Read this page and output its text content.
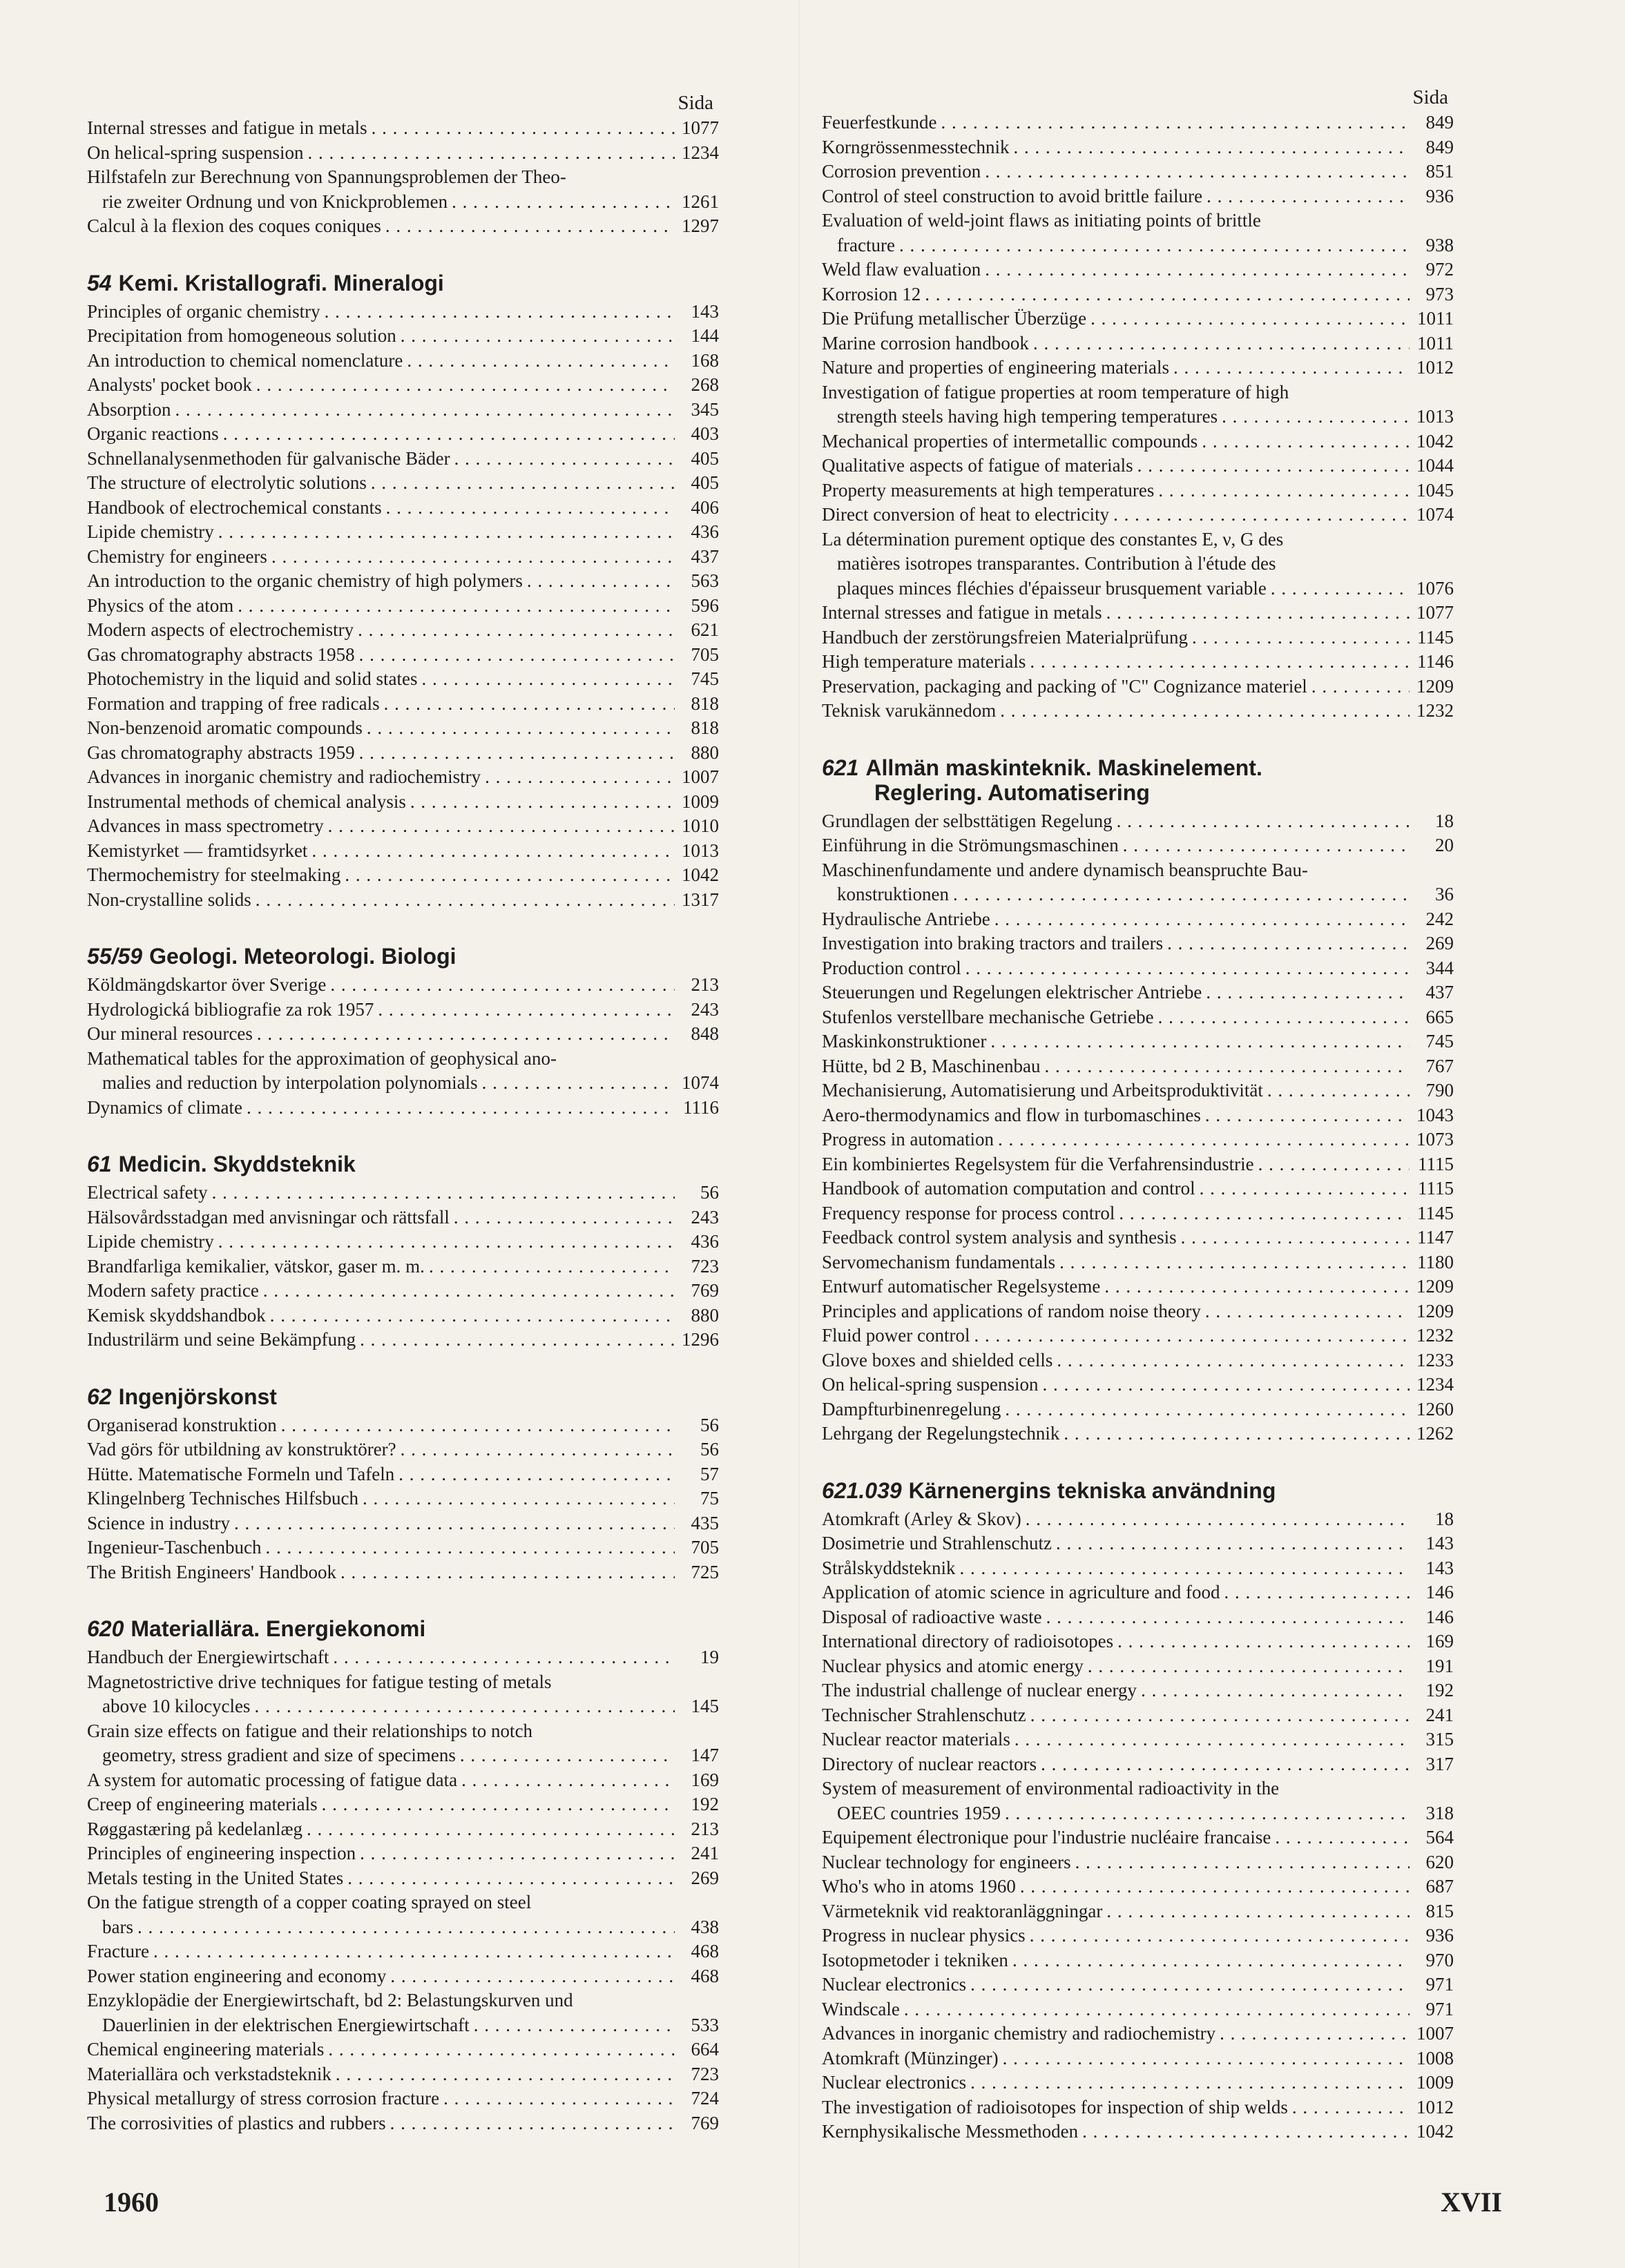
Sida
Internal stresses and fatigue in metals . . .	1077
On helical-spring suspension . . .	1234
Hilfstafeln zur Berechnung von Spannungsproblemen der Theo-
rie zweiter Ordnung und von Knickproblemen . . .	1261
Calcul à la flexion des coques coniques . . .	1297
54 Kemi. Kristallografi. Mineralogi
Principles of organic chemistry . . .	143
Precipitation from homogeneous solution . . .	144
An introduction to chemical nomenclature . . .	168
Analysts' pocket book . . .	268
Absorption . . .	345
Organic reactions . . .	403
Schnellanalysenmethoden für galvanische Bäder . . .	405
The structure of electrolytic solutions . . .	405
Handbook of electrochemical constants . . .	406
Lipide chemistry . . .	436
Chemistry for engineers . . .	437
An introduction to the organic chemistry of high polymers . . .	563
Physics of the atom . . .	596
Modern aspects of electrochemistry . . .	621
Gas chromatography abstracts 1958 . . .	705
Photochemistry in the liquid and solid states . . .	745
Formation and trapping of free radicals . . .	818
Non-benzenoid aromatic compounds . . .	818
Gas chromatography abstracts 1959 . . .	880
Advances in inorganic chemistry and radiochemistry . . .	1007
Instrumental methods of chemical analysis . . .	1009
Advances in mass spectrometry . . .	1010
Kemistyrket — framtidsyrket . . .	1013
Thermochemistry for steelmaking . . .	1042
Non-crystalline solids . . .	1317
55/59 Geologi. Meteorologi. Biologi
Köldmängdskartor över Sverige . . .	213
Hydrologická bibliografie za rok 1957 . . .	243
Our mineral resources . . .	848
Mathematical tables for the approximation of geophysical ano-
malies and reduction by interpolation polynomials . . .	1074
Dynamics of climate . . .	1116
61 Medicin. Skyddsteknik
Electrical safety . . .	56
Hälsovårdsstadgan med anvisningar och rättsfall . . .	243
Lipide chemistry . . .	436
Brandfarliga kemikalier, vätskor, gaser m. m. . . .	723
Modern safety practice . . .	769
Kemisk skyddshandbok . . .	880
Industrilärm und seine Bekämpfung . . .	1296
62 Ingenjörskonst
Organiserad konstruktion . . .	56
Vad görs för utbildning av konstruktörer? . . .	56
Hütte. Matematische Formeln und Tafeln . . .	57
Klingelnberg Technisches Hilfsbuch . . .	75
Science in industry . . .	435
Ingenieur-Taschenbuch . . .	705
The British Engineers' Handbook . . .	725
620 Materiallära. Energiekonomi
Handbuch der Energiewirtschaft . . .	19
Magnetostrictive drive techniques for fatigue testing of metals
above 10 kilocycles . . .	145
Grain size effects on fatigue and their relationships to notch
geometry, stress gradient and size of specimens . . .	147
A system for automatic processing of fatigue data . . .	169
Creep of engineering materials . . .	192
Røggastæring på kedelanlæg . . .	213
Principles of engineering inspection . . .	241
Metals testing in the United States . . .	269
On the fatigue strength of a copper coating sprayed on steel
bars . . .	438
Fracture . . .	468
Power station engineering and economy . . .	468
Enzyklopädie der Energiewirtschaft, bd 2: Belastungskurven und
Dauerlinien in der elektrischen Energiewirtschaft . . .	533
Chemical engineering materials . . .	664
Materiallära och verkstadsteknik . . .	723
Physical metallurgy of stress corrosion fracture . . .	724
The corrosivities of plastics and rubbers . . .	769
Sida
Feuerfestkunde . . .	849
Korngrössenmesstechnik . . .	849
Corrosion prevention . . .	851
Control of steel construction to avoid brittle failure . . .	936
Evaluation of weld-joint flaws as initiating points of brittle
fracture . . .	938
Weld flaw evaluation . . .	972
Korrosion 12 . . .	973
Die Prüfung metallischer Überzüge . . .	1011
Marine corrosion handbook . . .	1011
Nature and properties of engineering materials . . .	1012
Investigation of fatigue properties at room temperature of high
strength steels having high tempering temperatures . . .	1013
Mechanical properties of intermetallic compounds . . .	1042
Qualitative aspects of fatigue of materials . . .	1044
Property measurements at high temperatures . . .	1045
Direct conversion of heat to electricity . . .	1074
La détermination purement optique des constantes E, ν, G des
matières isotropes transparantes. Contribution à l'étude des
plaques minces fléchies d'épaisseur brusquement variable . . .	1076
Internal stresses and fatigue in metals . . .	1077
Handbuch der zerstörungsfreien Materialprüfung . . .	1145
High temperature materials . . .	1146
Preservation, packaging and packing of "C" Cognizance materiel . . .	1209
Teknisk varukännedom . . .	1232
621 Allmän maskinteknik. Maskinelement.
Reglering. Automatisering
Grundlagen der selbsttätigen Regelung . . .	18
Einführung in die Strömungsmaschinen . . .	20
Maschinenfundamente und andere dynamisch beanspruchte Bau-
konstruktionen . . .	36
Hydraulische Antriebe . . .	242
Investigation into braking tractors and trailers . . .	269
Production control . . .	344
Steuerungen und Regelungen elektrischer Antriebe . . .	437
Stufenlos verstellbare mechanische Getriebe . . .	665
Maskinkonstruktioner . . .	745
Hütte, bd 2 B, Maschinenbau . . .	767
Mechanisierung, Automatisierung und Arbeitsproduktivität . . .	790
Aero-thermodynamics and flow in turbomaschines . . .	1043
Progress in automation . . .	1073
Ein kombiniertes Regelsystem für die Verfahrensindustrie . . .	1115
Handbook of automation computation and control . . .	1115
Frequency response for process control . . .	1145
Feedback control system analysis and synthesis . . .	1147
Servomechanism fundamentals . . .	1180
Entwurf automatischer Regelsysteme . . .	1209
Principles and applications of random noise theory . . .	1209
Fluid power control . . .	1232
Glove boxes and shielded cells . . .	1233
On helical-spring suspension . . .	1234
Dampfturbinenregelung . . .	1260
Lehrgang der Regelungstechnik . . .	1262
621.039 Kärnenergins tekniska användning
Atomkraft (Arley & Skov) . . .	18
Dosimetrie und Strahlenschutz . . .	143
Strålskyddsteknik . . .	143
Application of atomic science in agriculture and food . . .	146
Disposal of radioactive waste . . .	146
International directory of radioisotopes . . .	169
Nuclear physics and atomic energy . . .	191
The industrial challenge of nuclear energy . . .	192
Technischer Strahlenschutz . . .	241
Nuclear reactor materials . . .	315
Directory of nuclear reactors . . .	317
System of measurement of environmental radioactivity in the
OEEC countries 1959 . . .	318
Equipement électronique pour l'industrie nucléaire francaise . . .	564
Nuclear technology for engineers . . .	620
Who's who in atoms 1960 . . .	687
Värmeteknik vid reaktoranläggningar . . .	815
Progress in nuclear physics . . .	936
Isotopmetoder i tekniken . . .	970
Nuclear electronics . . .	971
Windscale . . .	971
Advances in inorganic chemistry and radiochemistry . . .	1007
Atomkraft (Münzinger) . . .	1008
Nuclear electronics . . .	1009
The investigation of radioisotopes for inspection of ship welds . . .	1012
Kernphysikalische Messmethoden . . .	1042
1960	XVII
